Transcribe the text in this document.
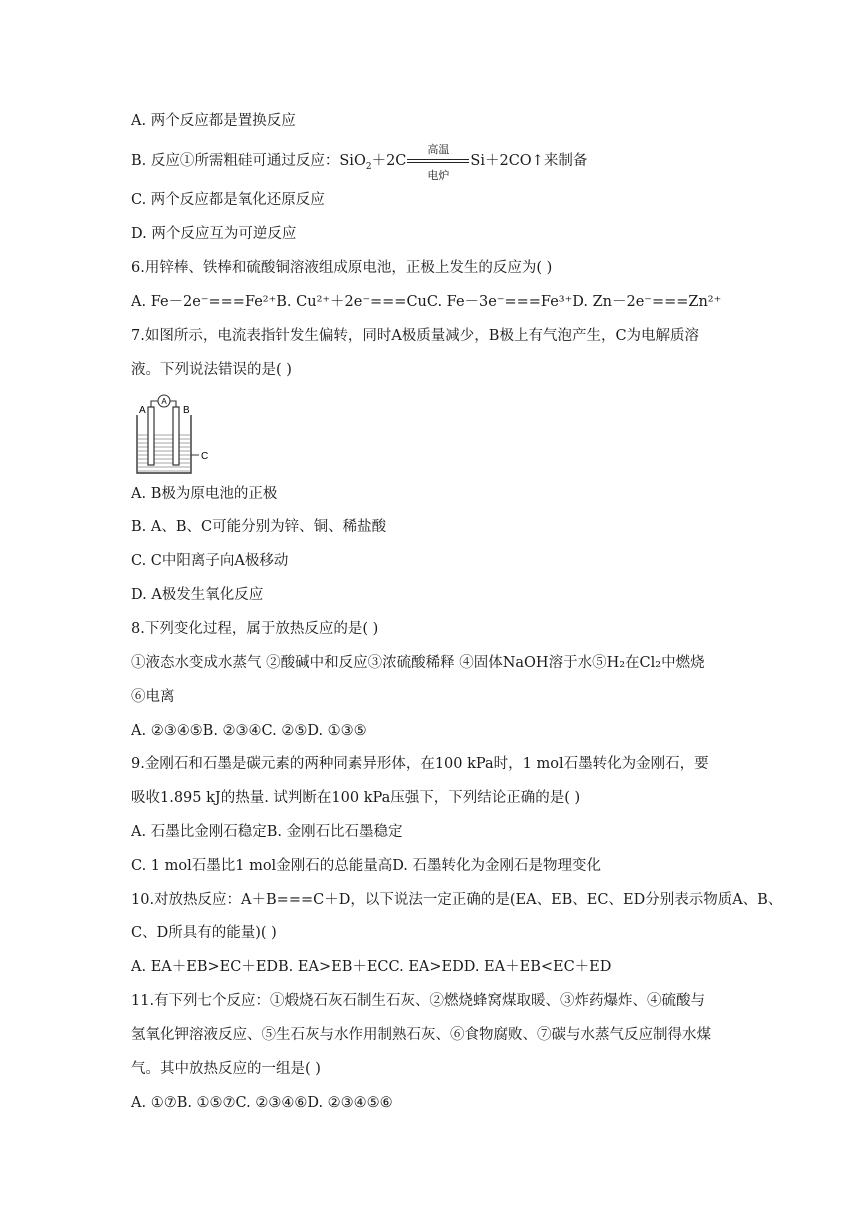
A. 两个反应都是置换反应
B. 反应①所需粗硅可通过反应：$SiO_2+2C \frac{\text{高温}}{\text{电炉}}$ Si＋2CO↑来制备
C. 两个反应都是氧化还原反应
D. 两个反应互为可逆反应
6.用锌棒、铁棒和硫酸铜溶液组成原电池，正极上发生的反应为( )
A. Fe－2e⁻===Fe²⁺B. Cu²⁺＋2e⁻===CuC. Fe－3e⁻===Fe³⁺D. Zn－2e⁻===Zn²⁺
7.如图所示，电流表指针发生偏转，同时A极质量减少，B极上有气泡产生，C为电解质溶
液。下列说法错误的是( )
A
A	B
C
A. B极为原电池的正极
B. A、B、C可能分别为锌、铜、稀盐酸
C. C中阳离子向A极移动
D. A极发生氧化反应
8.下列变化过程，属于放热反应的是( )
①液态水变成水蒸气 ②酸碱中和反应③浓硫酸稀释 ④固体NaOH溶于水⑤H₂在Cl₂中燃烧
⑥电离
A. ②③④⑤B. ②③④C. ②⑤D. ①③⑤
9.金刚石和石墨是碳元素的两种同素异形体，在100 kPa时，1 mol石墨转化为金刚石，要
吸收1.895 kJ的热量. 试判断在100 kPa压强下，下列结论正确的是( )
A. 石墨比金刚石稳定B. 金刚石比石墨稳定
C. 1 mol石墨比1 mol金刚石的总能量高D. 石墨转化为金刚石是物理变化
10.对放热反应：A＋B===C＋D，以下说法一定正确的是(EA、EB、EC、ED分别表示物质A、B、
C、D所具有的能量)( )
A. EA＋EB>EC＋EDB. EA>EB＋ECC. EA>EDD. EA＋EB<EC＋ED
11.有下列七个反应：①煅烧石灰石制生石灰、②燃烧蜂窝煤取暖、③炸药爆炸、④硫酸与
氢氧化钾溶液反应、⑤生石灰与水作用制熟石灰、⑥食物腐败、⑦碳与水蒸气反应制得水煤
气。其中放热反应的一组是( )
A. ①⑦B. ①⑤⑦C. ②③④⑥D. ②③④⑤⑥
